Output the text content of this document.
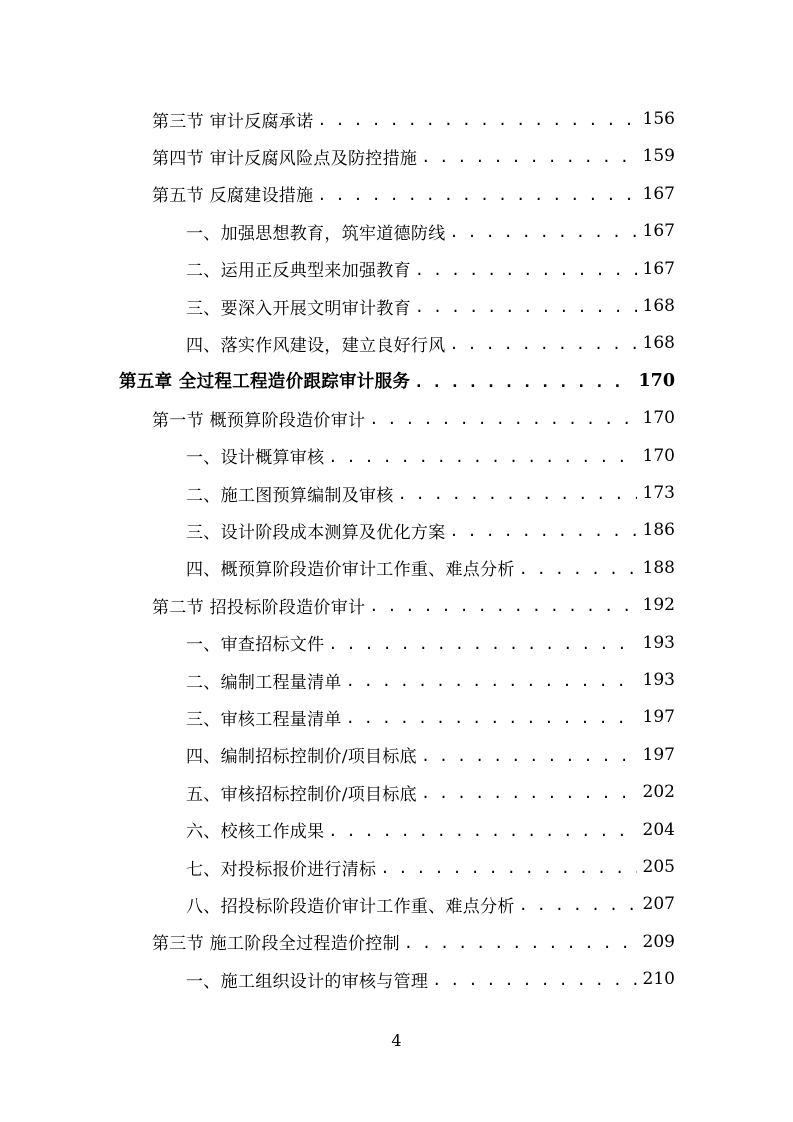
第三节 审计反腐承诺 . . .	156
第四节 审计反腐风险点及防控措施 . . .	159
第五节 反腐建设措施 . . .	167
一、加强思想教育，筑牢道德防线 . . .	167
二、运用正反典型来加强教育 . . .	167
三、要深入开展文明审计教育 . . .	168
四、落实作风建设，建立良好行风 . . .	168
第五章 全过程工程造价跟踪审计服务 . . .	170
第一节 概预算阶段造价审计 . . .	170
一、设计概算审核 . . .	170
二、施工图预算编制及审核 . . .	173
三、设计阶段成本测算及优化方案 . . .	186
四、概预算阶段造价审计工作重、难点分析 . . .	188
第二节 招投标阶段造价审计 . . .	192
一、审查招标文件 . . .	193
二、编制工程量清单 . . .	193
三、审核工程量清单 . . .	197
四、编制招标控制价/项目标底 . . .	197
五、审核招标控制价/项目标底 . . .	202
六、校核工作成果 . . .	204
七、对投标报价进行清标 . . .	205
八、招投标阶段造价审计工作重、难点分析 . . .	207
第三节 施工阶段全过程造价控制 . . .	209
一、施工组织设计的审核与管理 . . .	210
4
